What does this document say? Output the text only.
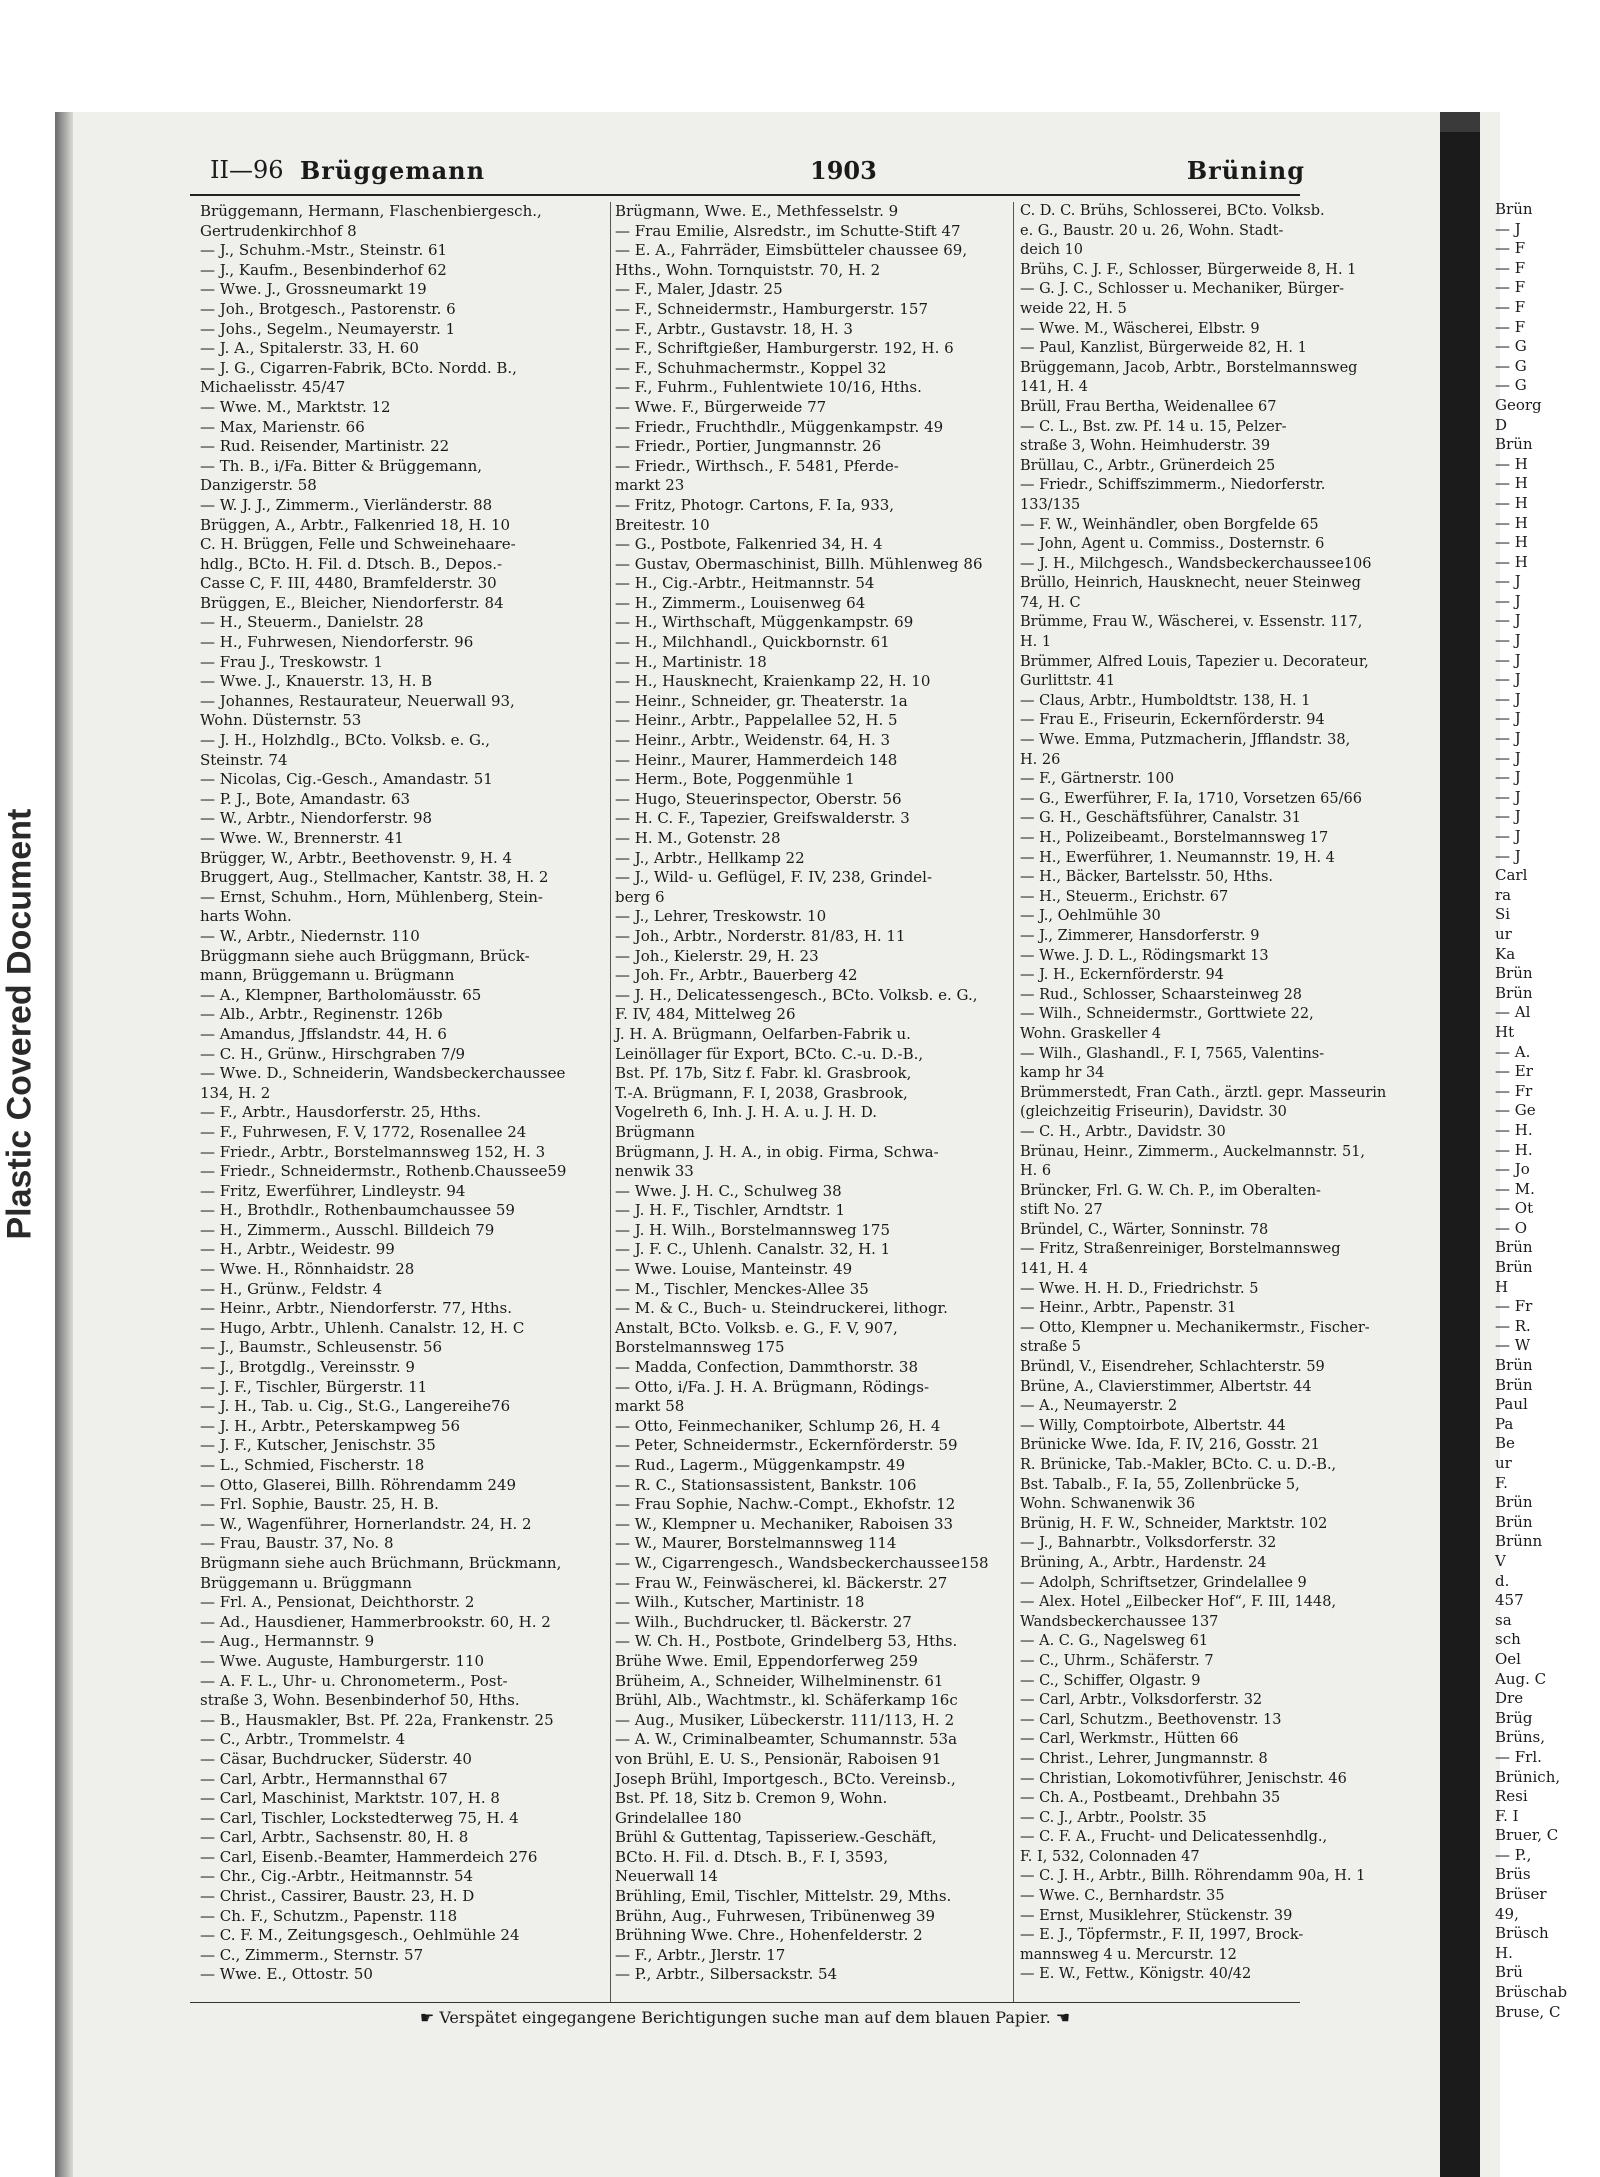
Plastic Covered Document
II—96 Brüggemann	1903	Brüning
Brüggemann, Hermann, Flaschenbiergesch.,
Gertrudenkirchhof 8
— J., Schuhm.-Mstr., Steinstr. 61
— J., Kaufm., Besenbinderhof 62
— Wwe. J., Grossneumarkt 19
— Joh., Brotgesch., Pastorenstr. 6
— Johs., Segelm., Neumayerstr. 1
— J. A., Spitalerstr. 33, H. 60
— J. G., Cigarren-Fabrik, BCto. Nordd. B.,
Michaelisstr. 45/47
— Wwe. M., Marktstr. 12
— Max, Marienstr. 66
— Rud. Reisender, Martinistr. 22
— Th. B., i/Fa. Bitter & Brüggemann,
Danzigerstr. 58
— W. J. J., Zimmerm., Vierländerstr. 88
Brüggen, A., Arbtr., Falkenried 18, H. 10
C. H. Brüggen, Felle und Schweinehaare-
hdlg., BCto. H. Fil. d. Dtsch. B., Depos.-
Casse C, F. III, 4480, Bramfelderstr. 30
Brüggen, E., Bleicher, Niendorferstr. 84
— H., Steuerm., Danielstr. 28
— H., Fuhrwesen, Niendorferstr. 96
— Frau J., Treskowstr. 1
— Wwe. J., Knauerstr. 13, H. B
— Johannes, Restaurateur, Neuerwall 93,
Wohn. Düsternstr. 53
— J. H., Holzhdlg., BCto. Volksb. e. G.,
Steinstr. 74
— Nicolas, Cig.-Gesch., Amandastr. 51
— P. J., Bote, Amandastr. 63
— W., Arbtr., Niendorferstr. 98
— Wwe. W., Brennerstr. 41
Brügger, W., Arbtr., Beethovenstr. 9, H. 4
Bruggert, Aug., Stellmacher, Kantstr. 38, H. 2
— Ernst, Schuhm., Horn, Mühlenberg, Stein-
harts Wohn.
— W., Arbtr., Niedernstr. 110
Brüggmann siehe auch Brüggmann, Brück-
mann, Brüggemann u. Brügmann
— A., Klempner, Bartholomäusstr. 65
— Alb., Arbtr., Reginenstr. 126b
— Amandus, Jffslandstr. 44, H. 6
— C. H., Grünw., Hirschgraben 7/9
— Wwe. D., Schneiderin, Wandsbeckerchaussee
134, H. 2
— F., Arbtr., Hausdorferstr. 25, Hths.
— F., Fuhrwesen, F. V, 1772, Rosenallee 24
— Friedr., Arbtr., Borstelmannsweg 152, H. 3
— Friedr., Schneidermstr., Rothenb.Chaussee59
— Fritz, Ewerführer, Lindleystr. 94
— H., Brothdlr., Rothenbaumchaussee 59
— H., Zimmerm., Ausschl. Billdeich 79
— H., Arbtr., Weidestr. 99
— Wwe. H., Rönnhaidstr. 28
— H., Grünw., Feldstr. 4
— Heinr., Arbtr., Niendorferstr. 77, Hths.
— Hugo, Arbtr., Uhlenh. Canalstr. 12, H. C
— J., Baumstr., Schleusenstr. 56
— J., Brotgdlg., Vereinsstr. 9
— J. F., Tischler, Bürgerstr. 11
— J. H., Tab. u. Cig., St.G., Langereihe76
— J. H., Arbtr., Peterskampweg 56
— J. F., Kutscher, Jenischstr. 35
— L., Schmied, Fischerstr. 18
— Otto, Glaserei, Billh. Röhrendamm 249
— Frl. Sophie, Baustr. 25, H. B.
— W., Wagenführer, Hornerlandstr. 24, H. 2
— Frau, Baustr. 37, No. 8
Brügmann siehe auch Brüchmann, Brückmann,
Brüggemann u. Brüggmann
— Frl. A., Pensionat, Deichthorstr. 2
— Ad., Hausdiener, Hammerbrookstr. 60, H. 2
— Aug., Hermannstr. 9
— Wwe. Auguste, Hamburgerstr. 110
— A. F. L., Uhr- u. Chronometerm., Post-
straße 3, Wohn. Besenbinderhof 50, Hths.
— B., Hausmakler, Bst. Pf. 22a, Frankenstr. 25
— C., Arbtr., Trommelstr. 4
— Cäsar, Buchdrucker, Süderstr. 40
— Carl, Arbtr., Hermannsthal 67
— Carl, Maschinist, Marktstr. 107, H. 8
— Carl, Tischler, Lockstedterweg 75, H. 4
— Carl, Arbtr., Sachsenstr. 80, H. 8
— Carl, Eisenb.-Beamter, Hammerdeich 276
— Chr., Cig.-Arbtr., Heitmannstr. 54
— Christ., Cassirer, Baustr. 23, H. D
— Ch. F., Schutzm., Papenstr. 118
— C. F. M., Zeitungsgesch., Oehlmühle 24
— C., Zimmerm., Sternstr. 57
— Wwe. E., Ottostr. 50
Brügmann, Wwe. E., Methfesselstr. 9
— Frau Emilie, Alsredstr., im Schutte-Stift 47
— E. A., Fahrräder, Eimsbütteler chaussee 69,
Hths., Wohn. Tornquiststr. 70, H. 2
— F., Maler, Jdastr. 25
— F., Schneidermstr., Hamburgerstr. 157
— F., Arbtr., Gustavstr. 18, H. 3
— F., Schriftgießer, Hamburgerstr. 192, H. 6
— F., Schuhmachermstr., Koppel 32
— F., Fuhrm., Fuhlentwiete 10/16, Hths.
— Wwe. F., Bürgerweide 77
— Friedr., Fruchthdlr., Müggenkampstr. 49
— Friedr., Portier, Jungmannstr. 26
— Friedr., Wirthsch., F. 5481, Pferde-
markt 23
— Fritz, Photogr. Cartons, F. Ia, 933,
Breitestr. 10
— G., Postbote, Falkenried 34, H. 4
— Gustav, Obermaschinist, Billh. Mühlenweg 86
— H., Cig.-Arbtr., Heitmannstr. 54
— H., Zimmerm., Louisenweg 64
— H., Wirthschaft, Müggenkampstr. 69
— H., Milchhandl., Quickbornstr. 61
— H., Martinistr. 18
— H., Hausknecht, Kraienkamp 22, H. 10
— Heinr., Schneider, gr. Theaterstr. 1a
— Heinr., Arbtr., Pappelallee 52, H. 5
— Heinr., Arbtr., Weidenstr. 64, H. 3
— Heinr., Maurer, Hammerdeich 148
— Herm., Bote, Poggenmühle 1
— Hugo, Steuerinspector, Oberstr. 56
— H. C. F., Tapezier, Greifswalderstr. 3
— H. M., Gotenstr. 28
— J., Arbtr., Hellkamp 22
— J., Wild- u. Geflügel, F. IV, 238, Grindel-
berg 6
— J., Lehrer, Treskowstr. 10
— Joh., Arbtr., Norderstr. 81/83, H. 11
— Joh., Kielerstr. 29, H. 23
— Joh. Fr., Arbtr., Bauerberg 42
— J. H., Delicatessengesch., BCto. Volksb. e. G.,
F. IV, 484, Mittelweg 26
J. H. A. Brügmann, Oelfarben-Fabrik u.
Leinöllager für Export, BCto. C.-u. D.-B.,
Bst. Pf. 17b, Sitz f. Fabr. kl. Grasbrook,
T.-A. Brügmann, F. I, 2038, Grasbrook,
Vogelreth 6, Inh. J. H. A. u. J. H. D.
Brügmann
Brügmann, J. H. A., in obig. Firma, Schwa-
nenwik 33
— Wwe. J. H. C., Schulweg 38
— J. H. F., Tischler, Arndtstr. 1
— J. H. Wilh., Borstelmannsweg 175
— J. F. C., Uhlenh. Canalstr. 32, H. 1
— Wwe. Louise, Manteinstr. 49
— M., Tischler, Menckes-Allee 35
— M. & C., Buch- u. Steindruckerei, lithogr.
Anstalt, BCto. Volksb. e. G., F. V, 907,
Borstelmannsweg 175
— Madda, Confection, Dammthorstr. 38
— Otto, i/Fa. J. H. A. Brügmann, Rödings-
markt 58
— Otto, Feinmechaniker, Schlump 26, H. 4
— Peter, Schneidermstr., Eckernförderstr. 59
— Rud., Lagerm., Müggenkampstr. 49
— R. C., Stationsassistent, Bankstr. 106
— Frau Sophie, Nachw.-Compt., Ekhofstr. 12
— W., Klempner u. Mechaniker, Raboisen 33
— W., Maurer, Borstelmannsweg 114
— W., Cigarrengesch., Wandsbeckerchaussee158
— Frau W., Feinwäscherei, kl. Bäckerstr. 27
— Wilh., Kutscher, Martinistr. 18
— Wilh., Buchdrucker, tl. Bäckerstr. 27
— W. Ch. H., Postbote, Grindelberg 53, Hths.
Brühe Wwe. Emil, Eppendorferweg 259
Brüheim, A., Schneider, Wilhelminenstr. 61
Brühl, Alb., Wachtmstr., kl. Schäferkamp 16c
— Aug., Musiker, Lübeckerstr. 111/113, H. 2
— A. W., Criminalbeamter, Schumannstr. 53a
von Brühl, E. U. S., Pensionär, Raboisen 91
Joseph Brühl, Importgesch., BCto. Vereinsb.,
Bst. Pf. 18, Sitz b. Cremon 9, Wohn.
Grindelallee 180
Brühl & Guttentag, Tapisseriew.-Geschäft,
BCto. H. Fil. d. Dtsch. B., F. I, 3593,
Neuerwall 14
Brühling, Emil, Tischler, Mittelstr. 29, Mths.
Brühn, Aug., Fuhrwesen, Tribünenweg 39
Brühning Wwe. Chre., Hohenfelderstr. 2
— F., Arbtr., Jlerstr. 17
— P., Arbtr., Silbersackstr. 54
C. D. C. Brühs, Schlosserei, BCto. Volksb.
e. G., Baustr. 20 u. 26, Wohn. Stadt-
deich 10
Brühs, C. J. F., Schlosser, Bürgerweide 8, H. 1
— G. J. C., Schlosser u. Mechaniker, Bürger-
weide 22, H. 5
— Wwe. M., Wäscherei, Elbstr. 9
— Paul, Kanzlist, Bürgerweide 82, H. 1
Brüggemann, Jacob, Arbtr., Borstelmannsweg
141, H. 4
Brüll, Frau Bertha, Weidenallee 67
— C. L., Bst. zw. Pf. 14 u. 15, Pelzer-
straße 3, Wohn. Heimhuderstr. 39
Brüllau, C., Arbtr., Grünerdeich 25
— Friedr., Schiffszimmerm., Niedorferstr.
133/135
— F. W., Weinhändler, oben Borgfelde 65
— John, Agent u. Commiss., Dosternstr. 6
— J. H., Milchgesch., Wandsbeckerchaussee106
Brüllo, Heinrich, Hausknecht, neuer Steinweg
74, H. C
Brümme, Frau W., Wäscherei, v. Essenstr. 117,
H. 1
Brümmer, Alfred Louis, Tapezier u. Decorateur,
Gurlittstr. 41
— Claus, Arbtr., Humboldtstr. 138, H. 1
— Frau E., Friseurin, Eckernförderstr. 94
— Wwe. Emma, Putzmacherin, Jfflandstr. 38,
H. 26
— F., Gärtnerstr. 100
— G., Ewerführer, F. Ia, 1710, Vorsetzen 65/66
— G. H., Geschäftsführer, Canalstr. 31
— H., Polizeibeamt., Borstelmannsweg 17
— H., Ewerführer, 1. Neumannstr. 19, H. 4
— H., Bäcker, Bartelsstr. 50, Hths.
— H., Steuerm., Erichstr. 67
— J., Oehlmühle 30
— J., Zimmerer, Hansdorferstr. 9
— Wwe. J. D. L., Rödingsmarkt 13
— J. H., Eckernförderstr. 94
— Rud., Schlosser, Schaarsteinweg 28
— Wilh., Schneidermstr., Gorttwiete 22,
Wohn. Graskeller 4
— Wilh., Glashandl., F. I, 7565, Valentins-
kamp hr 34
Brümmerstedt, Fran Cath., ärztl. gepr. Masseurin
(gleichzeitig Friseurin), Davidstr. 30
— C. H., Arbtr., Davidstr. 30
Brünau, Heinr., Zimmerm., Auckelmannstr. 51,
H. 6
Brüncker, Frl. G. W. Ch. P., im Oberalten-
stift No. 27
Bründel, C., Wärter, Sonninstr. 78
— Fritz, Straßenreiniger, Borstelmannsweg
141, H. 4
— Wwe. H. H. D., Friedrichstr. 5
— Heinr., Arbtr., Papenstr. 31
— Otto, Klempner u. Mechanikermstr., Fischer-
straße 5
Bründl, V., Eisendreher, Schlachterstr. 59
Brüne, A., Clavierstimmer, Albertstr. 44
— A., Neumayerstr. 2
— Willy, Comptoirbote, Albertstr. 44
Brünicke Wwe. Ida, F. IV, 216, Gosstr. 21
R. Brünicke, Tab.-Makler, BCto. C. u. D.-B.,
Bst. Tabalb., F. Ia, 55, Zollenbrücke 5,
Wohn. Schwanenwik 36
Brünig, H. F. W., Schneider, Marktstr. 102
— J., Bahnarbtr., Volksdorferstr. 32
Brüning, A., Arbtr., Hardenstr. 24
— Adolph, Schriftsetzer, Grindelallee 9
— Alex. Hotel „Eilbecker Hof“, F. III, 1448,
Wandsbeckerchaussee 137
— A. C. G., Nagelsweg 61
— C., Uhrm., Schäferstr. 7
— C., Schiffer, Olgastr. 9
— Carl, Arbtr., Volksdorferstr. 32
— Carl, Schutzm., Beethovenstr. 13
— Carl, Werkmstr., Hütten 66
— Christ., Lehrer, Jungmannstr. 8
— Christian, Lokomotivführer, Jenischstr. 46
— Ch. A., Postbeamt., Drehbahn 35
— C. J., Arbtr., Poolstr. 35
— C. F. A., Frucht- und Delicatessenhdlg.,
F. I, 532, Colonnaden 47
— C. J. H., Arbtr., Billh. Röhrendamm 90a, H. 1
— Wwe. C., Bernhardstr. 35
— Ernst, Musiklehrer, Stückenstr. 39
— E. J., Töpfermstr., F. II, 1997, Brock-
mannsweg 4 u. Mercurstr. 12
— E. W., Fettw., Königstr. 40/42
☛ Verspätet eingegangene Berichtigungen suche man auf dem blauen Papier. ☚
Brün
— J
— F
— F
— F
— F
— F
— G
— G
— G
Georg
D
Brün
— H
— H
— H
— H
— H
— H
— J
— J
— J
— J
— J
— J
— J
— J
— J
— J
— J
— J
— J
— J
— J
Carl
ra
Si
ur
Ka
Brün
Brün
— Al
Ht
— A.
— Er
— Fr
— Ge
— H.
— H.
— Jo
— M.
— Ot
— O
Brün
Brün
H
— Fr
— R.
— W
Brün
Brün
Paul
Pa
Be
ur
F.
Brün
Brün
Brünn
V
d.
457
sa
sch
Oel
Aug. C
Dre
Brüg
Brüns,
— Frl.
Brünich,
Resi
F. I
Bruer, C
— P.,
Brüs
Brüser
49,
Brüsch
H.
Brü
Brüschab
Bruse, C
